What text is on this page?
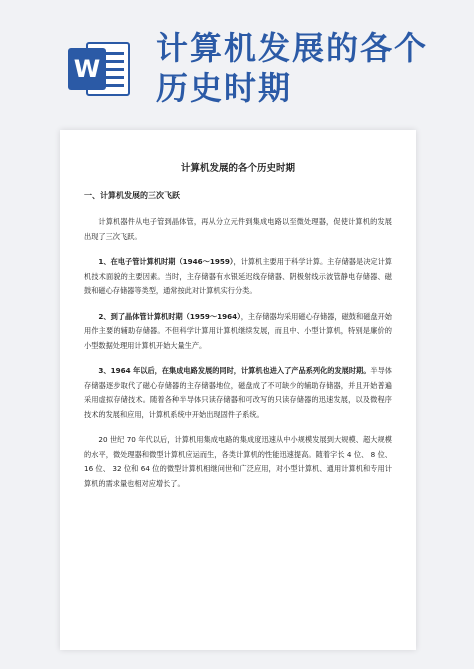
W
计算机发展的各个
历史时期
计算机发展的各个历史时期
一、计算机发展的三次飞跃

计算机器件从电子管到晶体管，再从分立元件到集成电路以至微处理器，促使计算机的发展出现了三次飞跃。

1、在电子管计算机时期（1946～1959），计算机主要用于科学计算。主存储器是决定计算机技术面貌的主要因素。当时，主存储器有水银延迟线存储器、阴极射线示波管静电存储器、磁鼓和磁心存储器等类型，通常按此对计算机实行分类。

2、到了晶体管计算机时期（1959～1964），主存储器均采用磁心存储器，磁鼓和磁盘开始用作主要的辅助存储器。不但科学计算用计算机继续发展，而且中、小型计算机，特别是廉价的小型数据处理用计算机开始大量生产。

3、1964 年以后，在集成电路发展的同时，计算机也进入了产品系列化的发展时期。半导体存储器逐步取代了磁心存储器的主存储器地位，磁盘成了不可缺少的辅助存储器，并且开始普遍采用虚拟存储技术。随着各种半导体只读存储器和可改写的只读存储器的迅速发展，以及微程序技术的发展和应用，计算机系统中开始出现固件子系统。

20 世纪 70 年代以后，计算机用集成电路的集成度迅速从中小规模发展到大规模、超大规模的水平，微处理器和微型计算机应运而生，各类计算机的性能迅速提高。随着字长 4 位、 8 位、 16 位、 32 位和 64 位的微型计算机相继问世和广泛应用，对小型计算机、通用计算机和专用计算机的需求量也相对应增长了。
